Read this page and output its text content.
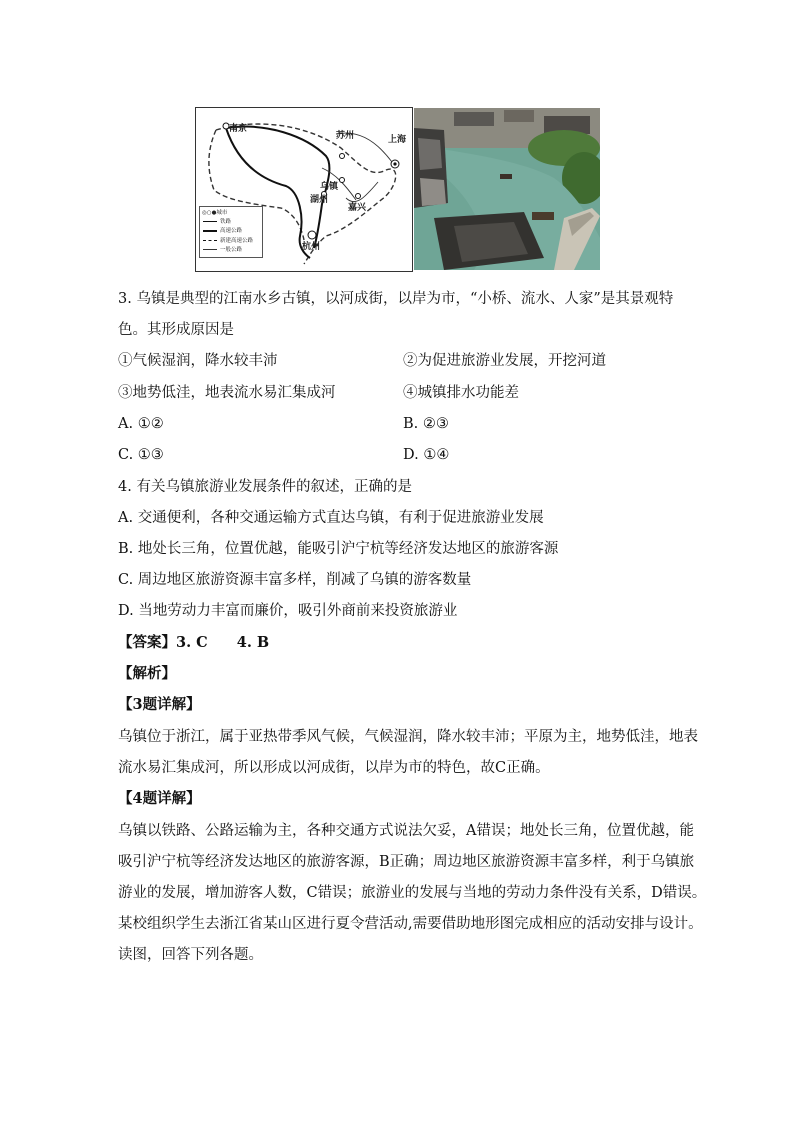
南京
苏州	上海
乌镇
湖州
嘉兴
杭州
◎○●城市
铁路
高速公路
新建高速公路
一般公路
3. 乌镇是典型的江南水乡古镇，以河成街，以岸为市，“小桥、流水、人家”是其景观特
色。其形成原因是
①气候湿润，降水较丰沛	②为促进旅游业发展，开挖河道
③地势低洼，地表流水易汇集成河	④城镇排水功能差
A. ①②	B. ②③
C. ①③	D. ①④
4. 有关乌镇旅游业发展条件的叙述，正确的是
A. 交通便利，各种交通运输方式直达乌镇，有利于促进旅游业发展
B. 地处长三角，位置优越，能吸引沪宁杭等经济发达地区的旅游客源
C. 周边地区旅游资源丰富多样，削减了乌镇的游客数量
D. 当地劳动力丰富而廉价，吸引外商前来投资旅游业
【答案】3. C　　4. B
【解析】
【3题详解】
乌镇位于浙江，属于亚热带季风气候，气候湿润，降水较丰沛；平原为主，地势低洼，地表
流水易汇集成河，所以形成以河成街，以岸为市的特色，故C正确。
【4题详解】
乌镇以铁路、公路运输为主，各种交通方式说法欠妥，A错误；地处长三角，位置优越，能
吸引沪宁杭等经济发达地区的旅游客源，B正确；周边地区旅游资源丰富多样，利于乌镇旅
游业的发展，增加游客人数，C错误；旅游业的发展与当地的劳动力条件没有关系，D错误。
某校组织学生去浙江省某山区进行夏令营活动,需要借助地形图完成相应的活动安排与设计。
读图，回答下列各题。
